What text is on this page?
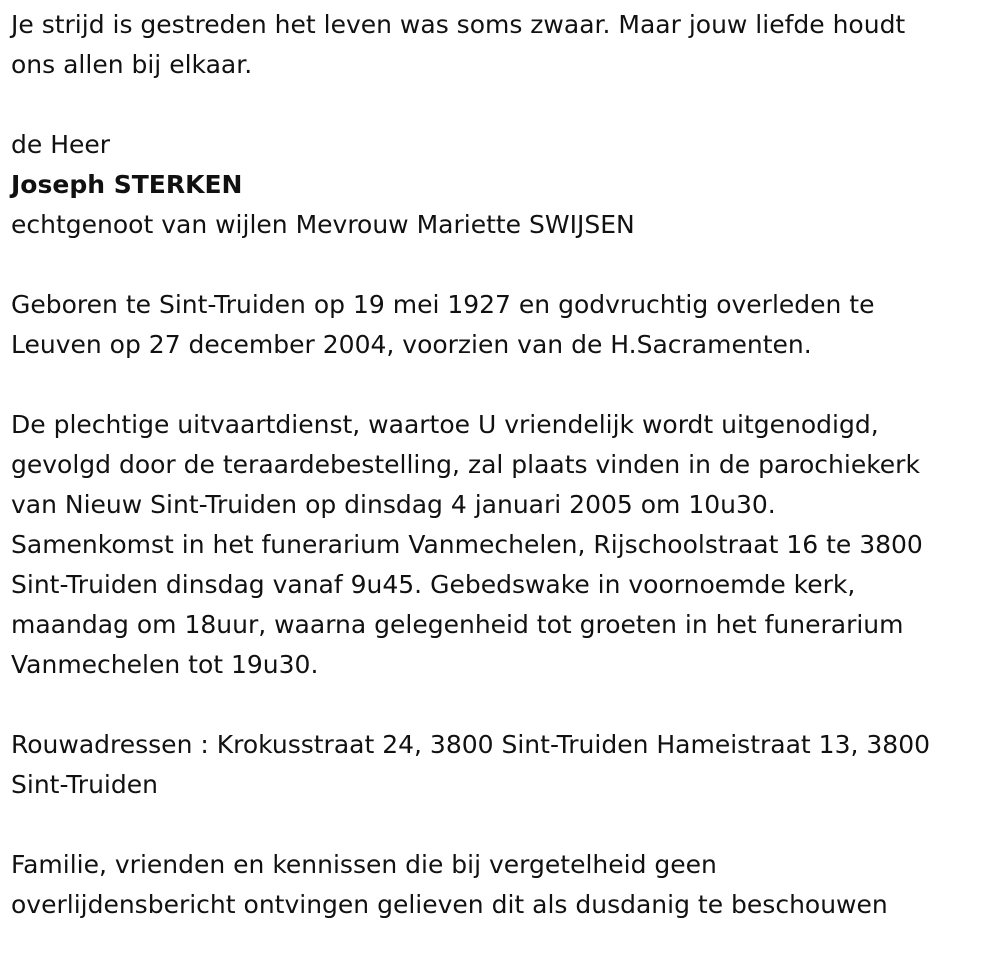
Je strijd is gestreden het leven was soms zwaar. Maar jouw liefde houdt
ons allen bij elkaar.
de Heer
Joseph STERKEN
echtgenoot van wijlen Mevrouw Mariette SWIJSEN
Geboren te Sint-Truiden op 19 mei 1927 en godvruchtig overleden te
Leuven op 27 december 2004, voorzien van de H.Sacramenten.
De plechtige uitvaartdienst, waartoe U vriendelijk wordt uitgenodigd,
gevolgd door de teraardebestelling, zal plaats vinden in de parochiekerk
van Nieuw Sint-Truiden op dinsdag 4 januari 2005 om 10u30.
Samenkomst in het funerarium Vanmechelen, Rijschoolstraat 16 te 3800
Sint-Truiden dinsdag vanaf 9u45. Gebedswake in voornoemde kerk,
maandag om 18uur, waarna gelegenheid tot groeten in het funerarium
Vanmechelen tot 19u30.
Rouwadressen : Krokusstraat 24, 3800 Sint-Truiden Hameistraat 13, 3800
Sint-Truiden
Familie, vrienden en kennissen die bij vergetelheid geen
overlijdensbericht ontvingen gelieven dit als dusdanig te beschouwen
